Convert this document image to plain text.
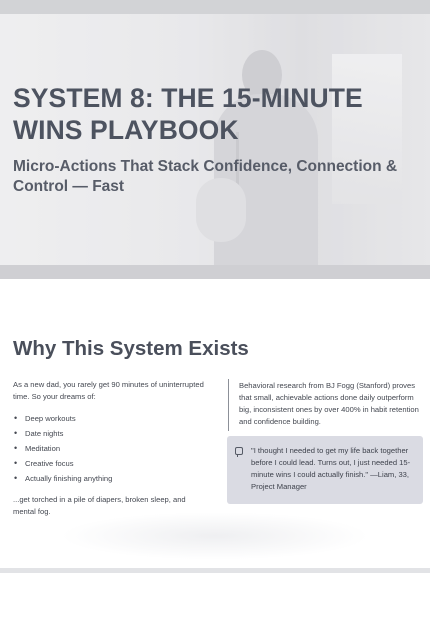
SYSTEM 8: THE 15-MINUTE WINS PLAYBOOK
Micro-Actions That Stack Confidence, Connection & Control — Fast
Why This System Exists

As a new dad, you rarely get 90 minutes of uninterrupted time. So your dreams of:

• Deep workouts
• Date nights
• Meditation
• Creative focus
• Actually finishing anything

...get torched in a pile of diapers, broken sleep, and mental fog.

Behavioral research from BJ Fogg (Stanford) proves that small, achievable actions done daily outperform big, inconsistent ones by over 400% in habit retention and confidence building.

"I thought I needed to get my life back together before I could lead. Turns out, I just needed 15-minute wins I could actually finish." —Liam, 33, Project Manager
